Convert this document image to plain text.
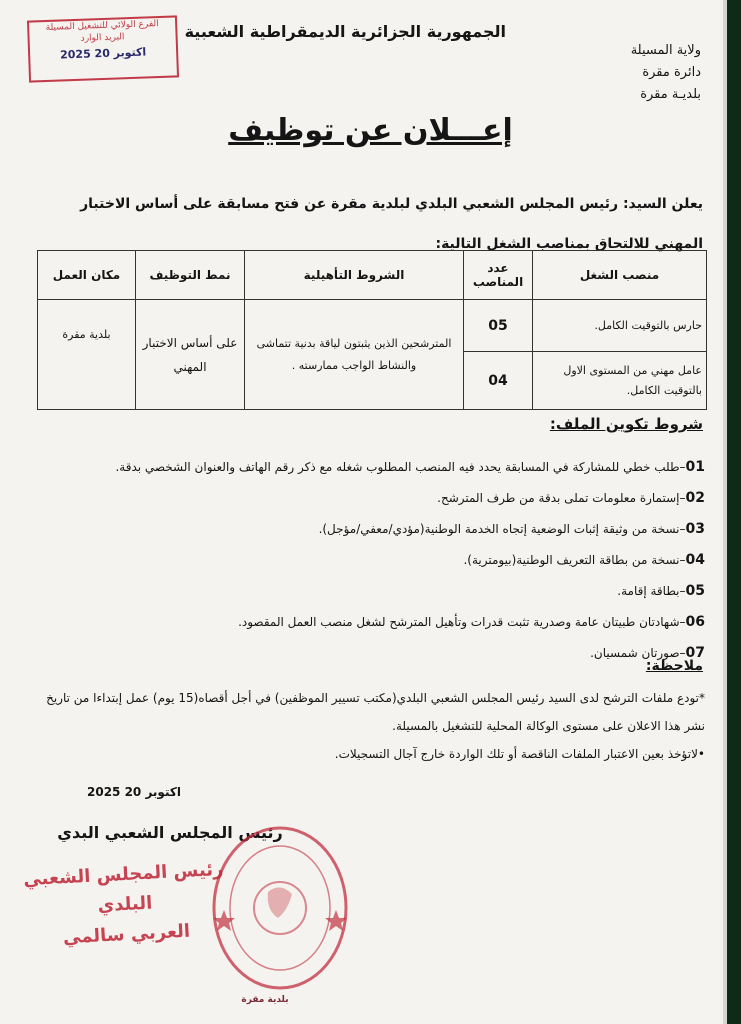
الفرع الولائي للتشغيل المسيلة
البريد الوارد
2025 اكتوبر 20
الجمهورية الجزائرية الديمقراطية الشعبية
ولاية المسيلة
دائرة مقرة
بلديـة مقرة
إعـــلان عن توظيف
يعلن السيد: رئيس المجلس الشعبي البلدي لبلدية مقرة عن فتح مسابقة على أساس الاختبار المهني للالتحاق بمناصب الشغل التالية:
منصب الشغل	عدد المناصب	الشروط التأهيلية	نمط التوظيف	مكان العمل
حارس بالتوقيت الكامل.	05	المترشحين الذين يثبتون لياقة بدنية تتماشى والنشاط الواجب ممارسته .	على أساس الاختبار المهني	بلدية مقرة
عامل مهني من المستوى الاول بالتوقيت الكامل.	04			
شروط تكوين الملف:
01–طلب خطي للمشاركة في المسابقة يحدد فيه المنصب المطلوب شغله مع ذكر رقم الهاتف والعنوان الشخصي بدقة.
02–إستمارة معلومات تملى بدقة من طرف المترشح.
03–نسخة من وثيقة إثبات الوضعية إتجاه الخدمة الوطنية(مؤدي/معفي/مؤجل).
04–نسخة من بطاقة التعريف الوطنية(بيومترية).
05–بطاقة إقامة.
06–شهادتان طبيتان عامة وصدرية تثبت قدرات وتأهيل المترشح لشغل منصب العمل المقصود.
07–صورتان شمسيان.
ملاحظة:
*تودع ملفات الترشح لدى السيد رئيس المجلس الشعبي البلدي(مكتب تسيير الموظفين) في أجل أقصاه(15 يوم) عمل إبتداءا من تاريخ نشر هذا الاعلان على مستوى الوكالة المحلية للتشغيل بالمسيلة.
•لاتؤخذ بعين الاعتبار الملفات الناقصة أو تلك الواردة خارج آجال التسجيلات.
2025 اكتوبر 20
رئيس المجلس الشعبي البدي
رئيس المجلس الشعبي البلدي
العربي سالمي
بلدية مقرة
